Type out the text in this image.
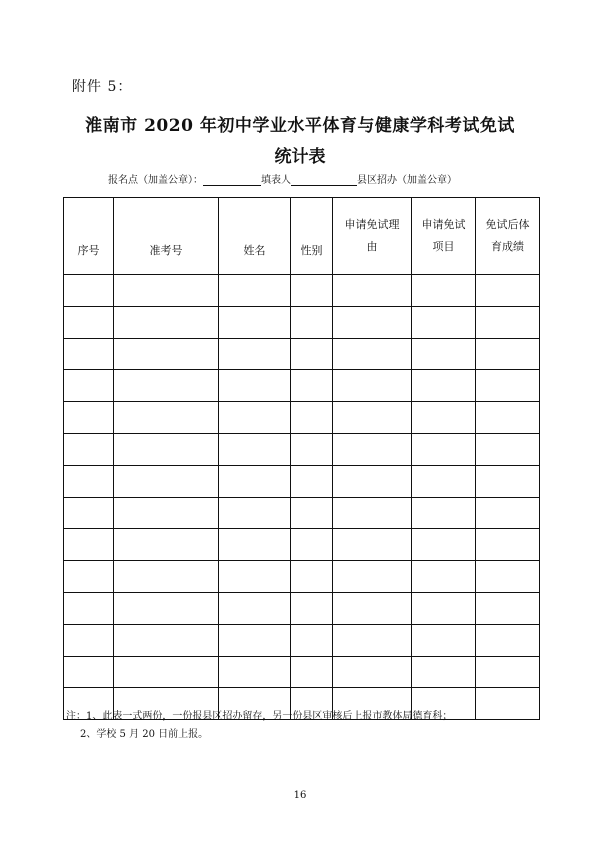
附件 5：
淮南市 2020 年初中学业水平体育与健康学科考试免试
统计表
报名点（加盖公章）：	填表人	县区招办（加盖公章）
序号	准考号	姓名	性别	申请免试理由	申请免试项目	免试后体育成绩

注：1、此表一式两份，一份报县区招办留存，另一份县区审核后上报市教体局德育科；
2、学校 5 月 20 日前上报。
16
